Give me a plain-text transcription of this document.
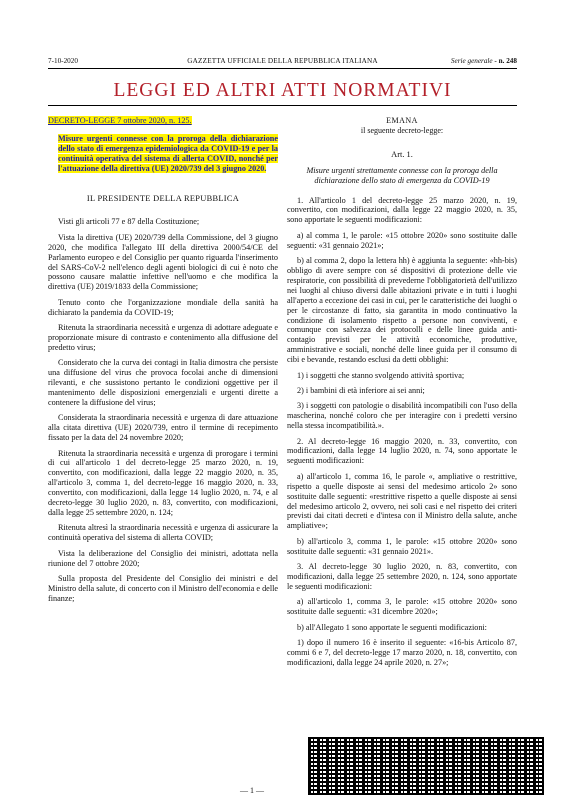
7-10-2020	GAZZETTA UFFICIALE DELLA REPUBBLICA ITALIANA	Serie generale - n. 248
LEGGI ED ALTRI ATTI NORMATIVI

DECRETO-LEGGE 7 ottobre 2020, n. 125.

Misure urgenti connesse con la proroga della dichiarazione dello stato di emergenza epidemiologica da COVID-19 e per la continuità operativa del sistema di allerta COVID, nonché per l'attuazione della direttiva (UE) 2020/739 del 3 giugno 2020.
IL PRESIDENTE DELLA REPUBBLICA

Visti gli articoli 77 e 87 della Costituzione;

Vista la direttiva (UE) 2020/739 della Commissione, del 3 giugno 2020, che modifica l'allegato III della direttiva 2000/54/CE del Parlamento europeo e del Consiglio per quanto riguarda l'inserimento del SARS-CoV-2 nell'elenco degli agenti biologici di cui è noto che possono causare malattie infettive nell'uomo e che modifica la direttiva (UE) 2019/1833 della Commissione;

Tenuto conto che l'organizzazione mondiale della sanità ha dichiarato la pandemia da COVID-19;

Ritenuta la straordinaria necessità e urgenza di adottare adeguate e proporzionate misure di contrasto e contenimento alla diffusione del predetto virus;

Considerato che la curva dei contagi in Italia dimostra che persiste una diffusione del virus che provoca focolai anche di dimensioni rilevanti, e che sussistono pertanto le condizioni oggettive per il mantenimento delle disposizioni emergenziali e urgenti dirette a contenere la diffusione del virus;

Considerata la straordinaria necessità e urgenza di dare attuazione alla citata direttiva (UE) 2020/739, entro il termine di recepimento fissato per la data del 24 novembre 2020;

Ritenuta la straordinaria necessità e urgenza di prorogare i termini di cui all'articolo 1 del decreto-legge 25 marzo 2020, n. 19, convertito, con modificazioni, dalla legge 22 maggio 2020, n. 35, all'articolo 3, comma 1, del decreto-legge 16 maggio 2020, n. 33, convertito, con modificazioni, dalla legge 14 luglio 2020, n. 74, e al decreto-legge 30 luglio 2020, n. 83, convertito, con modificazioni, dalla legge 25 settembre 2020, n. 124;

Ritenuta altresì la straordinaria necessità e urgenza di assicurare la continuità operativa del sistema di allerta COVID;

Vista la deliberazione del Consiglio dei ministri, adottata nella riunione del 7 ottobre 2020;

Sulla proposta del Presidente del Consiglio dei ministri e del Ministro della salute, di concerto con il Ministro dell'economia e delle finanze;

EMANA
il seguente decreto-legge:
Art. 1.
Misure urgenti strettamente connesse con la proroga della dichiarazione dello stato di emergenza da COVID-19

1. All'articolo 1 del decreto-legge 25 marzo 2020, n. 19, convertito, con modificazioni, dalla legge 22 maggio 2020, n. 35, sono apportate le seguenti modificazioni:

a) al comma 1, le parole: «15 ottobre 2020» sono sostituite dalle seguenti: «31 gennaio 2021»;

b) al comma 2, dopo la lettera hh) è aggiunta la seguente: «hh-bis) obbligo di avere sempre con sé dispositivi di protezione delle vie respiratorie, con possibilità di prevederne l'obbligatorietà dell'utilizzo nei luoghi al chiuso diversi dalle abitazioni private e in tutti i luoghi all'aperto a eccezione dei casi in cui, per le caratteristiche dei luoghi o per le circostanze di fatto, sia garantita in modo continuativo la condizione di isolamento rispetto a persone non conviventi, e comunque con salvezza dei protocolli e delle linee guida anti-contagio previsti per le attività economiche, produttive, amministrative e sociali, nonché delle linee guida per il consumo di cibi e bevande, restando esclusi da detti obblighi:

1) i soggetti che stanno svolgendo attività sportiva;

2) i bambini di età inferiore ai sei anni;

3) i soggetti con patologie o disabilità incompatibili con l'uso della mascherina, nonché coloro che per interagire con i predetti versino nella stessa incompatibilità.».

2. Al decreto-legge 16 maggio 2020, n. 33, convertito, con modificazioni, dalla legge 14 luglio 2020, n. 74, sono apportate le seguenti modificazioni:

a) all'articolo 1, comma 16, le parole «, ampliative o restrittive, rispetto a quelle disposte ai sensi del medesimo articolo 2» sono sostituite dalle seguenti: «restrittive rispetto a quelle disposte ai sensi del medesimo articolo 2, ovvero, nei soli casi e nel rispetto dei criteri previsti dai citati decreti e d'intesa con il Ministro della salute, anche ampliative»;

b) all'articolo 3, comma 1, le parole: «15 ottobre 2020» sono sostituite dalle seguenti: «31 gennaio 2021».

3. Al decreto-legge 30 luglio 2020, n. 83, convertito, con modificazioni, dalla legge 25 settembre 2020, n. 124, sono apportate le seguenti modificazioni:

a) all'articolo 1, comma 3, le parole: «15 ottobre 2020» sono sostituite dalle seguenti: «31 dicembre 2020»;

b) all'Allegato 1 sono apportate le seguenti modificazioni:

1) dopo il numero 16 è inserito il seguente: «16-bis Articolo 87, commi 6 e 7, del decreto-legge 17 marzo 2020, n. 18, convertito, con modificazioni, dalla legge 24 aprile 2020, n. 27»;

— 1 —
